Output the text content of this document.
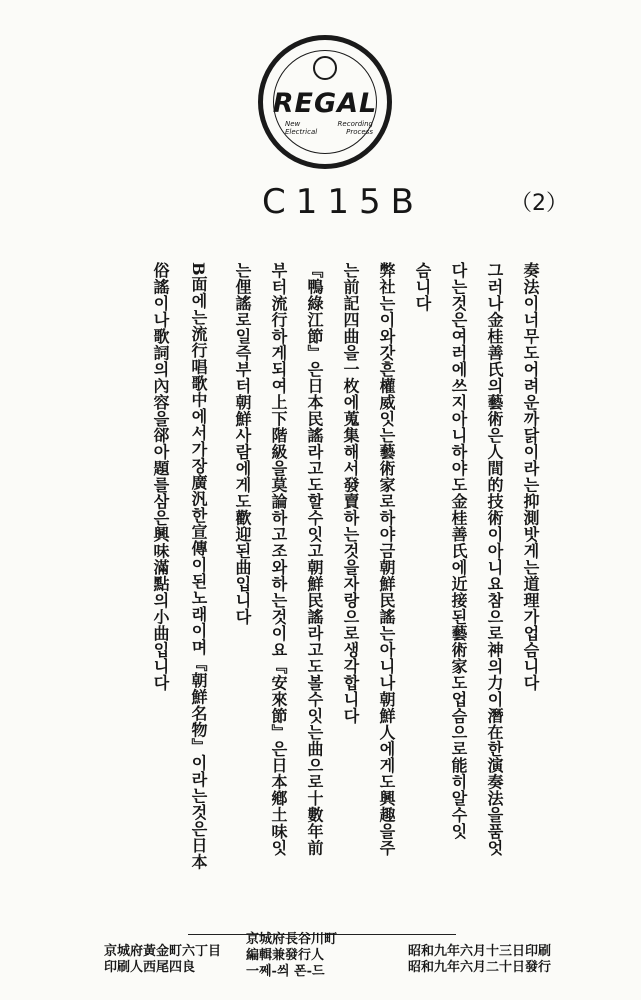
REGAL
New Electrical
Recording Process
C115B	（2）
奏法이너무도어려운까닭이라는抑測밧게는道理가업슴니다
그러나金桂善氏의藝術은人間的技術이아니요참으로神의力이潛在한演奏法을품엇
다는것은여러에쓰지아니하야도金桂善氏에近接된藝術家도업슴으로能히알수잇
슴니다
弊社는이와갓흔權威잇는藝術家로하야금朝鮮民謠는아니나朝鮮人에게도興趣을주
는前記四曲을一枚에蒐集해서發賣하는것을자랑으로생각합니다
『鴨綠江節』은日本民謠라고도할수잇고朝鮮民謠라고도볼수잇는曲으로十數年前
부터流行하게되여上下階級을莫論하고조와하는것이요『安來節』은日本鄕土味잇
는俚謠로일즉부터朝鮮사람에게도歡迎된曲입니다
B面에는流行唱歌中에서가장廣汎한宣傳이된노래이며『朝鮮名物』이라는것은日本
俗謠이나歌詞의內容을郤아題를삼은興味滿點의小曲입니다
昭和九年六月十三日印刷
昭和九年六月二十日發行
京城府長谷川町
編輯兼發行人
一쩨-씌 폰-드
京城府黃金町六丁目
印刷人西尾四良
